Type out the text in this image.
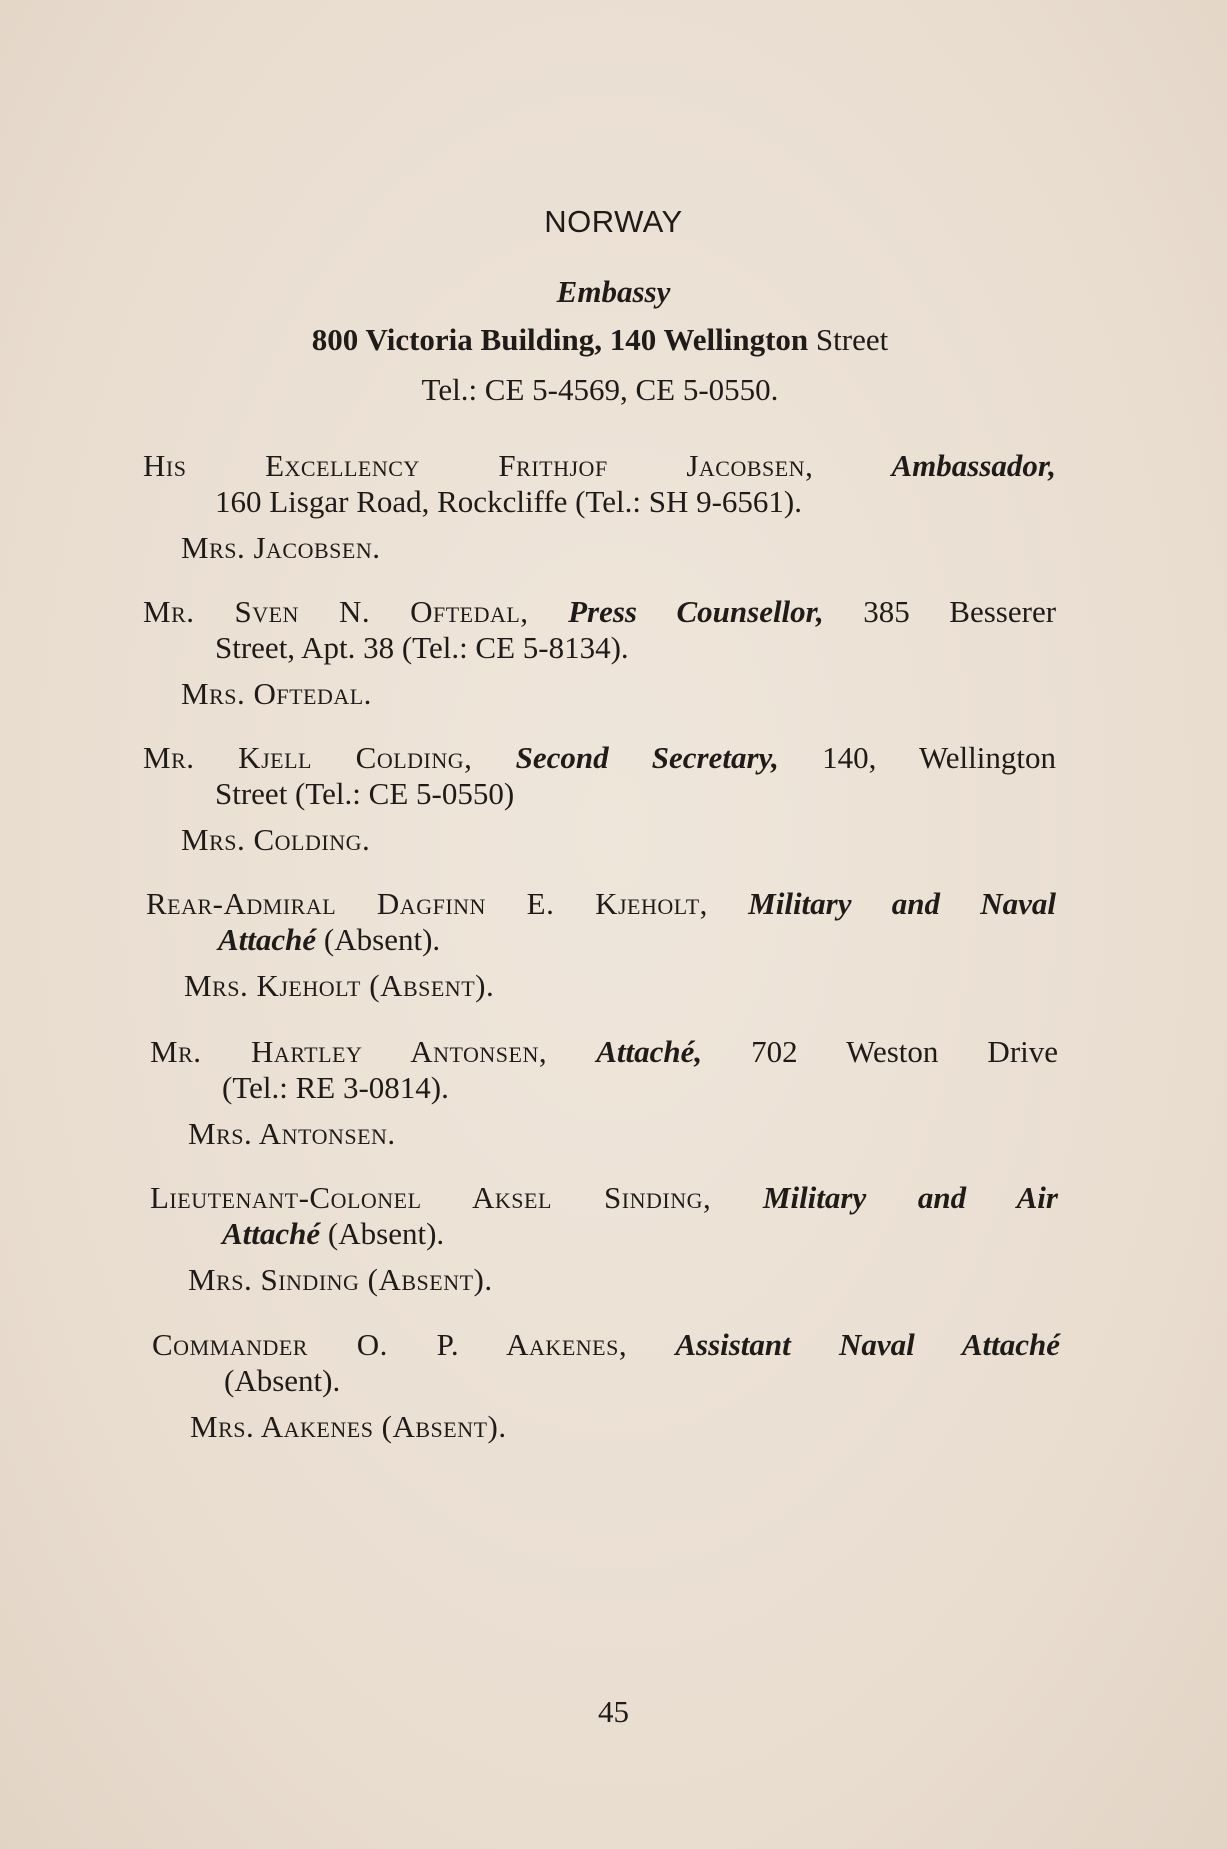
NORWAY
Embassy
800 Victoria Building, 140 Wellington Street
Tel.: CE 5-4569, CE 5-0550.
His Excellency Frithjof Jacobsen,	Ambassador,
160 Lisgar Road, Rockcliffe (Tel.: SH 9-6561).
Mrs. Jacobsen.
Mr. Sven N. Oftedal, Press Counsellor, 385 Besserer
Street, Apt. 38 (Tel.: CE 5-8134).
Mrs. Oftedal.
Mr. Kjell Colding, Second Secretary, 140, Wellington
Street (Tel.: CE 5-0550)
Mrs. Colding.
Rear-Admiral Dagfinn E. Kjeholt, Military and Naval
Attaché (Absent).
Mrs. Kjeholt (Absent).
Mr. Hartley Antonsen, Attaché, 702 Weston Drive
(Tel.: RE 3-0814).
Mrs. Antonsen.
Lieutenant-Colonel Aksel Sinding, Military and Air
Attaché (Absent).
Mrs. Sinding (Absent).
Commander O. P. Aakenes, Assistant Naval Attaché
(Absent).
Mrs. Aakenes (Absent).
45
